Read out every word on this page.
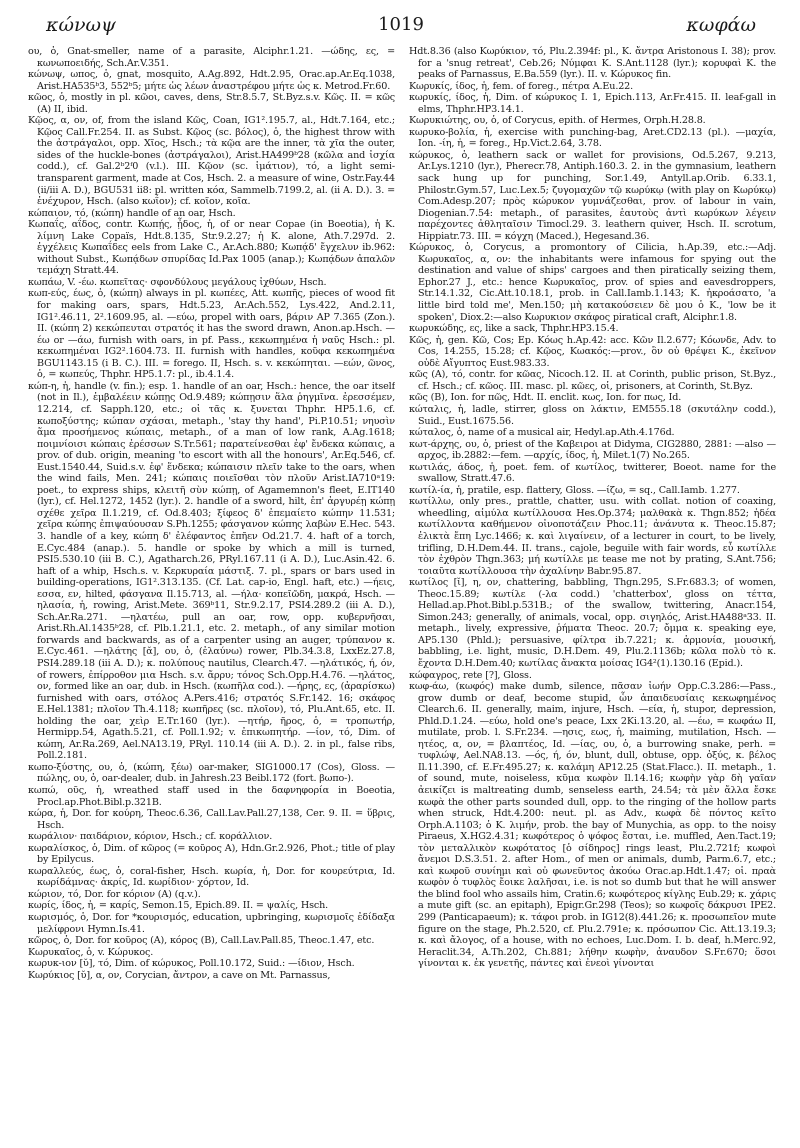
κώνωψ	1019	κωφάω

ου, ὁ, Gnat-smeller, name of a parasite, Alciphr.1.21. —ώδης, ες, = κωνωποειδής, Sch.Ar.V.351.

κώνωψ, ωπος, ὁ, gnat, mosquito, A.Ag.892, Hdt.2.95, Orac.ap.Ar.Eq.1038, Arist.HA535ᵇ3, 552ᵇ5; μήτε ὡς λέων ἀναστρέφου μήτε ὡς κ. Metrod.Fr.60.

κῶος, ὁ, mostly in pl. κῶοι, caves, dens, Str.8.5.7, St.Byz.s.v. Κῶς. II. = κῶς (A) II, ibid.

Κῷος, α, ον, of, from the island Κῶς, Coan, IG1².195.7, al., Hdt.7.164, etc.; Κῷος Call.Fr.254. II. as Subst. Κῷος (sc. βόλος), ὁ, the highest throw with the ἀστράγαλοι, opp. Χῖος, Hsch.; τὰ κῷα are the inner, τὰ χῖα the outer, sides of the huckle-bones (ἀστράγαλοι), Arist.HA499ᵇ28 (κῶλα and ἰσχία codd.), cf. Gal.2ᵇ2ᶠ0 (v.l.). III. Κῷον (sc. ἱμάτιον), τό, a light semi-transparent garment, made at Cos, Hsch. 2. a measure of wine, Ostr.Fay.44 (ii/iii A. D.), BGU531 ii8: pl. written κόα, Sammelb.7199.2, al. (ii A. D.). 3. = ἐνέχυρον, Hsch. (also κωΐον); cf. κοῖον, κοῖα.

κώπαιον, τό, (κώπη) handle of an oar, Hsch.

Κωπαΐς, αΐδος, contr. Κωπῄς, ᾖδος, ἡ, of or near Copae (in Boeotia), ἡ Κ. λίμνη Lake Copaïs, Hdt.8.135, Str.9.2.27; ἡ Κ. alone, Ath.7.297d. 2. ἐγχέλεις Κωπαΐδες eels from Lake C., Ar.Ach.880; Κωπᾴδ' ἔγχελυν ib.962: without Subst., Κωπᾴδων σπυρίδας Id.Pax 1005 (anap.); Κωπᾴδων ἀπαλῶν τεμάχη Stratt.44.

κωπάω, V. -έω. κωπεῖτας· σφονδύλους μεγάλους ἰχθύων, Hsch.

κωπ-εύς, έως, ὁ, (κώπη) always in pl. κωπέες, Att. κωπῆς, pieces of wood fit for making oars, spars, Hdt.5.23, Ar.Ach.552, Lys.422, And.2.11, IG1².46.11, 2².1609.95, al. —εύω, propel with oars, βάριν AP 7.365 (Zon.). II. (κώπη 2) κεκώπευται στρατός it has the sword drawn, Anon.ap.Hsch. —έω or —άω, furnish with oars, in pf. Pass., κεκωπημένα ἡ ναῦς Hsch.: pl. κεκωπημέναι IG2².1604.73. II. furnish with handles, κοῦφα κεκωπημένα BGU1143.15 (i B. C.). III. = forego. II, Hsch. s. v. κεκώπηται. —εών, ῶνος, ὁ, = κωπεύς, Thphr. HP5.1.7: pl., ib.4.1.4.

κώπ-η, ἡ, handle (v. fin.); esp. 1. handle of an oar, Hsch.: hence, the oar itself (not in Il.), ἐμβαλέειν κώπῃς Od.9.489; κώπῃσιν ἅλα ῥηγμῖνα. ἐρεσσέμεν, 12.214, cf. Sapph.120, etc.; οἱ τᾶς κ. ξυνεται Thphr. HP5.1.6, cf. κωποξύστης; κώπαν σχάσαι, metaph., 'stay thy hand', Pi.P.10.51; νηυσὶν ἅμα προσήμενος κώπαις, metaph., of a man of low rank, A.Ag.1618; ποιμνίοισι κώπαις ἐρέσσων S.Tr.561; παρατείνεσθαι ἐφ' ἔνδεκα κώπαις, a prov. of dub. origin, meaning 'to escort with all the honours', Ar.Eq.546, cf. Eust.1540.44, Suid.s.v. ἐφ' ἕνδεκα; κώπαισιν πλεῖν take to the oars, when the wind fails, Men. 241; κώπαις ποιεῖσθαι τὸν πλοῦν Arist.IA710ᵃ19: poet., to express ships, κλειτῆ σὺν κώπῃ, of Agamemnon's fleet, E.IT140 (lyr.), cf. Hel.1272, 1452 (lyr.). 2. handle of a sword, hilt, ἐπ' ἀργυρέῃ κώπῃ σχέθε χεῖρα Il.1.219, cf. Od.8.403; ξίφεος δ' ἐπεμαίετο κώπην 11.531; χεῖρα κώπης ἐπιψαύουσαν S.Ph.1255; φάσγανον κώπης λαβὼν E.Hec. 543. 3. handle of a key, κώπη δ' ἐλέφαντος ἐπῆεν Od.21.7. 4. haft of a torch, E.Cyc.484 (anap.). 5. handle or spoke by which a mill is turned, PSI5.530.10 (iii B. C.), Agatharch.26, PRyl.167.11 (i A. D.), Luc.Asin.42. 6. haft of a whip, Hsch.s. v. Κερκυραία μάστιξ. 7. pl., spars or bars used in building-operations, IG1².313.135. (Cf. Lat. cap-io, Engl. haft, etc.) —ήεις, εσσα, εν, hilted, φάσγανα Il.15.713, al. —ήλα· κοπεῖῶδη, μακρά, Hsch. —ηλασία, ἡ, rowing, Arist.Mete. 369ᵇ11, Str.9.2.17, PSI4.289.2 (iii A. D.), Sch.Ar.Ra.271. —ηλατέω, pull an oar, row, opp. κυβερνῆσαι, Arist.Rh.Al.1435ᵇ28, cf. Plb.1.21.1, etc. 2. metaph., of any similar motion forwards and backwards, as of a carpenter using an auger, τρύπανον κ. E.Cyc.461. —ηλάτης [ᾰ], ου, ὁ, (ἐλαύνω) rower, Plb.34.3.8, LxxEz.27.8, PSI4.289.18 (iii A. D.); κ. πολύπους nautilus, Clearch.47. —ηλάτικός, ή, όν, of rowers, ἐπίρροθον μια Hsch. s.v. ἄρρυ; τόνος Sch.Opp.H.4.76. —ηλάτος, ον, formed like an oar, dub. in Hsch. (κωπῆλα cod.). —ήρης, ες, (ἀραρίσκω) furnished with oars, στόλος A.Pers.416; στρατός S.Fr.142. 16; σκάφος E.Hel.1381; πλοῖον Th.4.118; κωπῆρες (sc. πλοῖον), τό, Plu.Ant.65, etc. II. holding the oar, χεὶρ E.Tr.160 (lyr.). —ητήρ, ῆρος, ὁ, = τροπωτήρ, Hermipp.54, Agath.5.21, cf. Poll.1.92; v. ἐπικωπητήρ. —ίον, τό, Dim. of κώπη, Ar.Ra.269, Ael.NA13.19, PRyl. 110.14 (iii A. D.). 2. in pl., false ribs, Poll.2.181.

κωπο-ξύστης, ου, ὁ, (κώπη, ξέω) oar-maker, SIG1000.17 (Cos), Gloss. —πώλης, ου, ὁ, oar-dealer, dub. in Jahresh.23 Beibl.172 (fort. βωπο-).

κωπώ, οῦς, ἡ, wreathed staff used in the δαφνηφορία in Boeotia, Procl.ap.Phot.Bibl.p.321B.

κώρα, ἡ, Dor. for κούρη, Theoc.6.36, Call.Lav.Pall.27,138, Cer. 9. II. = ὕβρις, Hsch.

κωράλιον· παιδάριον, κόριον, Hsch.; cf. κοράλλιον.

κωραλίσκος, ὁ, Dim. of κῶρος (= κοῦρος A), Hdn.Gr.2.926, Phot.; title of play by Epilycus.

κωραλλεύς, έως, ὁ, coral-fisher, Hsch. κωρία, ἡ, Dor. for κουρεύτρια, Id. κωρίδάμνας· ἀκρίς, Id. κωρίδιον· χόρτον, Id.

κώριον, τό, Dor. for κόριον (A) (q.v.).

κωρίς, ίδος, ἡ, = καρίς, Semon.15, Epich.89. II. = ψαλίς, Hsch.

κωρισμός, ὁ, Dor. for *κουρισμός, education, upbringing, κωρισμοῖς ἐδίδαξα μελίφρονι Hymn.Is.41.

κῶρος, ὁ, Dor. for κοῦρος (A), κόρος (B), Call.Lav.Pall.85, Theoc.1.47, etc.

Κωρυκαῖος, ὁ, v. Κώρυκος.

κωρυκ-ιον [ῠ], τό, Dim. of κώρυκος, Poll.10.172, Suid.: —ίδιον, Hsch.

Κωρύκιος [ῠ], α, ον, Corycian, ἄντρον, a cave on Mt. Parnassus,

Hdt.8.36 (also Κωρύκιον, τό, Plu.2.394f: pl., Κ. ἄντρα Aristonous I. 38); prov. for a 'snug retreat', Ceb.26; Νύμφαι Κ. S.Ant.1128 (lyr.); κορυφαὶ Κ. the peaks of Parnassus, E.Ba.559 (lyr.). II. v. Κώρυκος fin.

Κωρυκίς, ίδος, ἡ, fem. of foreg., πέτρα A.Eu.22.

κωρυκίς, ίδος, ἡ, Dim. of κώρυκος I. 1, Epich.113, Ar.Fr.415. II. leaf-gall in elms, Thphr.HP3.14.1.

Κωρυκιώτης, ου, ὁ, of Corycus, epith. of Hermes, Orph.H.28.8.

κωρυκο-βολία, ἡ, exercise with punching-bag, Aret.CD2.13 (pl.). —μαχία, Ion. -ίη, ἡ, = foreg., Hp.Vict.2.64, 3.78.

κώρυκος, ὁ, leathern sack or wallet for provisions, Od.5.267, 9.213, Ar.Lys.1210 (lyr.), Pherecr.78, Antiph.160.3. 2. in the gymnasium, leathern sack hung up for punching, Sor.1.49, Antyll.ap.Orib. 6.33.1, Philostr.Gym.57, Luc.Lex.5; ζυγομαχῶν τῷ κωρύκῳ (with play on Κωρύκῳ) Com.Adesp.207; πρὸς κώρυκον γυμνάζεσθαι, prov. of labour in vain, Diogenian.7.54: metaph., of parasites, ἑαυτοὺς ἀντὶ κωρύκων λέγειν παρέχοντες ἀθληταῖσιν Timocl.29. 3. leathern quiver, Hsch. II. scrotum, Hippiatr.73. III. = κόγχη (Maced.), Hegesand.36.

Κώρυκος, ὁ, Corycus, a promontory of Cilicia, h.Ap.39, etc.:—Adj. Κωρυκαῖος, α, ον: the inhabitants were infamous for spying out the destination and value of ships' cargoes and then piratically seizing them, Ephor.27 J., etc.: hence Κωρυκαῖος, prov. of spies and eavesdroppers, Str.14.1.32, Cic.Att.10.18.1, prob. in Call.Iamb.1.143; Κ. ἠκροάσατο, 'a little bird told me', Men.150; μὴ κατακούσειεν δὲ μου ὁ Κ., 'low be it spoken', Diox.2:—also Κωρυκιον σκάφος piratical craft, Alciphr.1.8.

κωρυκώδης, ες, like a sack, Thphr.HP3.15.4.

Κῶς, ἡ, gen. Κῶ, Cos; Ep. Κόως h.Ap.42: acc. Κῶν Il.2.677; Κόωνδε, Adv. to Cos, 14.255, 15.28; cf. Κῷος, Κωακός:—prov., ὃν οὐ θρέψει Κ., ἐκεῖνον οὐδὲ Αἴγυπτος Eust.983.33.

κῶς (A), τό, contr. for κῶας, Nicoch.12. II. at Corinth, public prison, St.Byz., cf. Hsch.; cf. κῶος. III. masc. pl. κῶες, οἱ, prisoners, at Corinth, St.Byz.

κῶς (B), Ion. for πῶς, Hdt. II. enclit. κως, Ion. for πως, Id.

κώταλις, ἡ, ladle, stirrer, gloss on λάκτιν, EM555.18 (σκυτάλην codd.), Suid., Eust.1675.56.

κώταλος, ὁ, name of a musical air, Hedyl.ap.Ath.4.176d.

κωτ-άρχης, ου, ὁ, priest of the Καβειροι at Didyma, CIG2880, 2881: —also —αρχος, ib.2882:—fem. —αρχίς, ίδος, ἡ, Milet.1(7) No.265.

κωτιλάς, άδος, ἡ, poet. fem. of κωτίλος, twitterer, Boeot. name for the swallow, Stratt.47.6.

κωτίλ-ία, ἡ, pratile, esp. flattery, Gloss. —ίζω, = sq., Call.Iamb. 1.277.

κωτίλλω, only pres., prattle, chatter, usu. with collat. notion of coaxing, wheedling, αἱμύλα κωτίλλουσα Hes.Op.374; μαλθακὰ κ. Thgn.852; ἡδέα κωτίλλοντα καθήμενον οἰνοποτάζειν Phoc.11; ἀνάνυτα κ. Theoc.15.87; ἐλικτὰ ἔπη Lyc.1466; κ. καὶ λιγαίνειν, of a lecturer in court, to be lively, trifling, D.H.Dem.44. II. trans., cajole, beguile with fair words, εὖ κωτίλλε τὸν ἐχθρὸν Thgn.363; μή κωτίλλε με tease me not by prating, S.Ant.756; τοιαῦτα κωτίλλουσα τὴν ἀχαλίνην Babr.95.87.

κωτίλος [ῐ], η, ον, chattering, babbling, Thgn.295, S.Fr.683.3; of women, Theoc.15.89; κωτίλε (-λα codd.) 'chatterbox', gloss on τέττα, Hellad.ap.Phot.Bibl.p.531B.; of the swallow, twittering, Anacr.154, Simon.243; generally, of animals, vocal, opp. σιγηλός, Arist.HA488ᵃ33. II. metaph., lively, expressive, ῥήματα Theoc. 20.7; ὄμμα κ. speaking eye, AP5.130 (Phld.); persuasive, φίλτρα ib.7.221; κ. ἁρμονία, μουσική, babbling, i.e. light, music, D.H.Dem. 49, Plu.2.1136b; κῶλα πολὺ τὸ κ. ἔχοντα D.H.Dem.40; κωτίλας ἄνακτα μοίσας IG4²(1).130.16 (Epid.).

κώφαγρος, rete [?], Gloss.

κωφ-άω, (κωφός) make dumb, silence, πᾶσαν ἰωήν Opp.C.3.286:—Pass., grow dumb or deaf, become stupid, ὧν ἀπαιδευσίαις κεκωφημένος Clearch.6. II. generally, maim, injure, Hsch. —εία, ἡ, stupor, depression, Phld.D.1.24. —εύω, hold one's peace, Lxx 2Ki.13.20, al. —έω, = κωφάω II, mutilate, prob. l. S.Fr.234. —ησις, εως, ἡ, maiming, mutilation, Hsch. —ητέος, α, ον, = βλαπτέος, Id. —ίας, ου, ὁ, a burrowing snake, perh. = τυφλώψ, Ael.NA8.13. —ός, ή, όν, blunt, dull, obtuse, opp. ὀξύς, κ. βέλος Il.11.390, cf. E.Fr.495.27; κ. καλάμη AP12.25 (Stat.Flacc.). II. metaph., 1. of sound, mute, noiseless, κῦμα κωφὸν Il.14.16; κωφὴν γὰρ δὴ γαῖαν ἀεικίζει is maltreating dumb, senseless earth, 24.54; τὰ μὲν ἄλλα ἔσκε κωφὰ the other parts sounded dull, opp. to the ringing of the hollow parts when struck, Hdt.4.200: neut. pl. as Adv., κωφὰ δὲ πόντος κεῖτο Orph.A.1103; ὁ Κ. λιμήν, prob. the bay of Munychia, as opp. to the noisy Piraeus, X.HG2.4.31; κωφότερος ὁ ψόφος ἔσται, i.e. muffled, Aen.Tact.19; τὸν μεταλλικὸν κωφότατος [ὁ σίδηρος] rings least, Plu.2.721f; κωφοὶ ἄνεμοι D.S.3.51. 2. after Hom., of men or animals, dumb, Parm.6.7, etc.; καὶ κωφοῦ συνίημι καὶ οὐ φωνεῦντος ἀκούω Orac.ap.Hdt.1.47; οἱ. πραὰ κωφὸν ὁ τυφλὸς ἔοικε λαλῆσαι, i.e. is not so dumb but that he will answer the blind fool who assails him, Cratin.6; κωφότερος κίγλης Eub.29; κ. χάρις a mute gift (sc. an epitaph), Epigr.Gr.298 (Teos); so κωφοῖς δάκρυσι IPE2. 299 (Panticapaeum); κ. τάφοι prob. in IG12(8).441.26; κ. προσωπεῖον mute figure on the stage, Ph.2.520, cf. Plu.2.791e; κ. πρόσωπον Cic. Att.13.19.3; κ. καὶ ἄλογος, of a house, with no echoes, Luc.Dom. I. b. deaf, h.Merc.92, Heraclit.34, A.Th.202, Ch.881; λήθην κωφὴν, ἀναυδον S.Fr.670; ὅσοι γίνονται κ. ἐκ γενετῆς, πάντες καὶ ἐνεοὶ γίνονται
